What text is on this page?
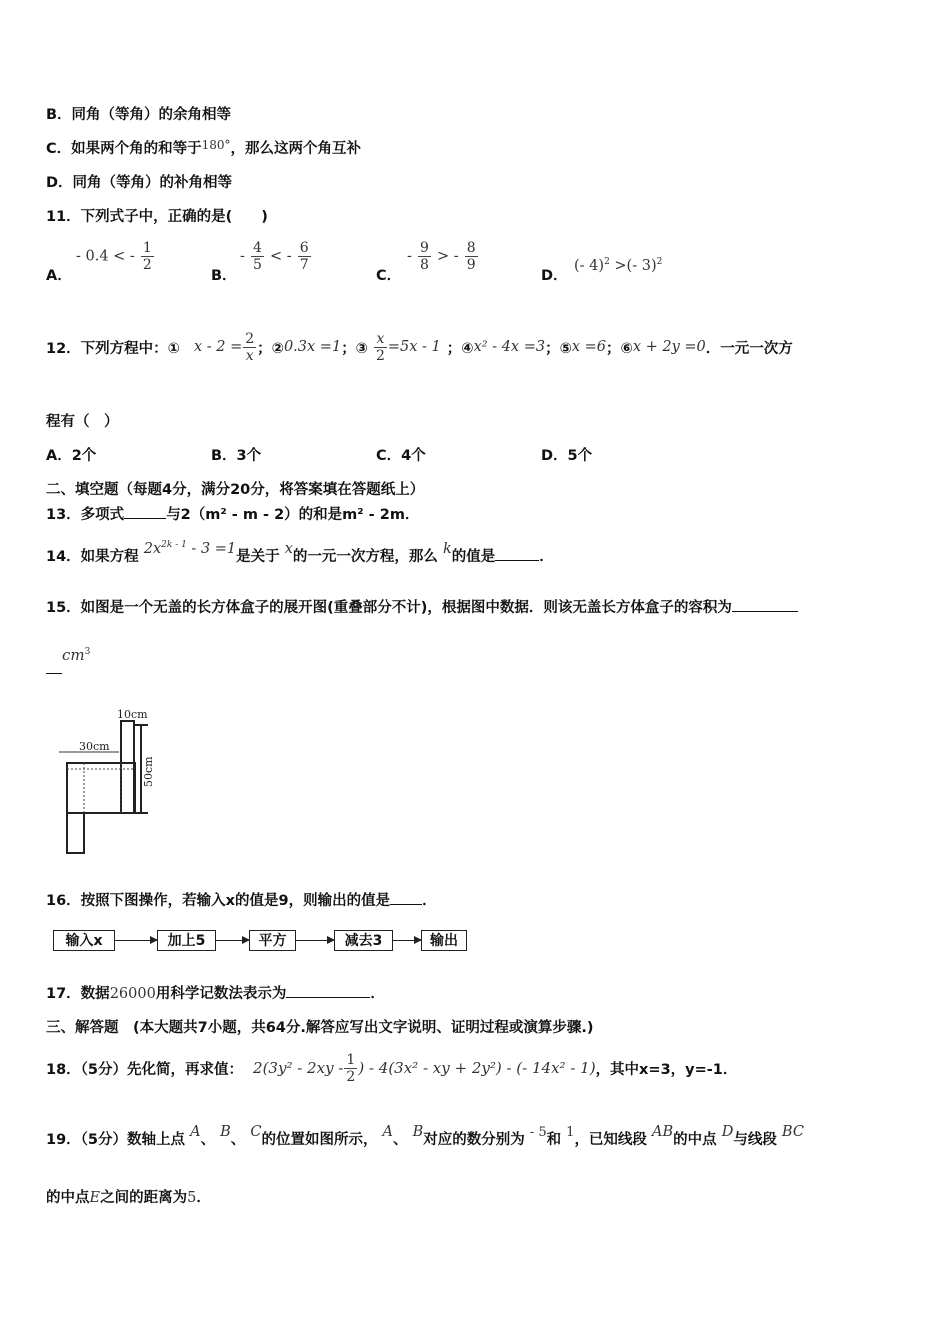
B．同角（等角）的余角相等
C．如果两个角的和等于$^{180^\circ}$，那么这两个角互补
D．同角（等角）的补角相等
11．下列式子中，正确的是(　　)
A．
- 0.4 < - $\frac{1}{2}$
B．
- $\frac{4}{5}$ < - $\frac{6}{7}$
C．
- $\frac{9}{8}$ > - $\frac{8}{9}$
D．
(- 4)$^2$ >(- 3)$^2$
12．下列方程中：① $x - 2 = \frac{2}{x}$ ；② 0.3x =1 ；③ $\frac{x}{2} =5x - 1$ ；④ x² - 4x =3 ；⑤ x =6 ；⑥ x + 2y =0 ．一元一次方
程有（　）
A．2个	B．3个	C．4个	D．5个
二、填空题（每题4分，满分20分，将答案填在答题纸上）
13．多项式	与2（m² - m - 2）的和是m² - 2m．
14．如果方程 $2x^{2k - 1} - 3 =1$是关于 x的一元一次方程，那么 k的值是	．
15．如图是一个无盖的长方体盒子的展开图(重叠部分不计)，根据图中数据．则该无盖长方体盒子的容积为
$cm^3$
10cm
30cm
50cm
16．按照下图操作，若输入x的值是9，则输出的值是 ．
输入x	加上5	平方	减去3	输出
17．数据26000用科学记数法表示为	．
三、解答题　(本大题共7小题，共64分.解答应写出文字说明、证明过程或演算步骤.)
18．（5分）先化简，再求值： $2(3y^2 - 2xy - \frac{1}{2}$ ) - 4(3x² - xy + 2y²) - (- 14x² - 1) ，其中x=3，y=-1．
19．（5分）数轴上点 A、 B、 C的位置如图所示， A、 B对应的数分别为 - 5和 1，已知线段 AB的中点 D与线段 BC
的中点E之间的距离为5．
